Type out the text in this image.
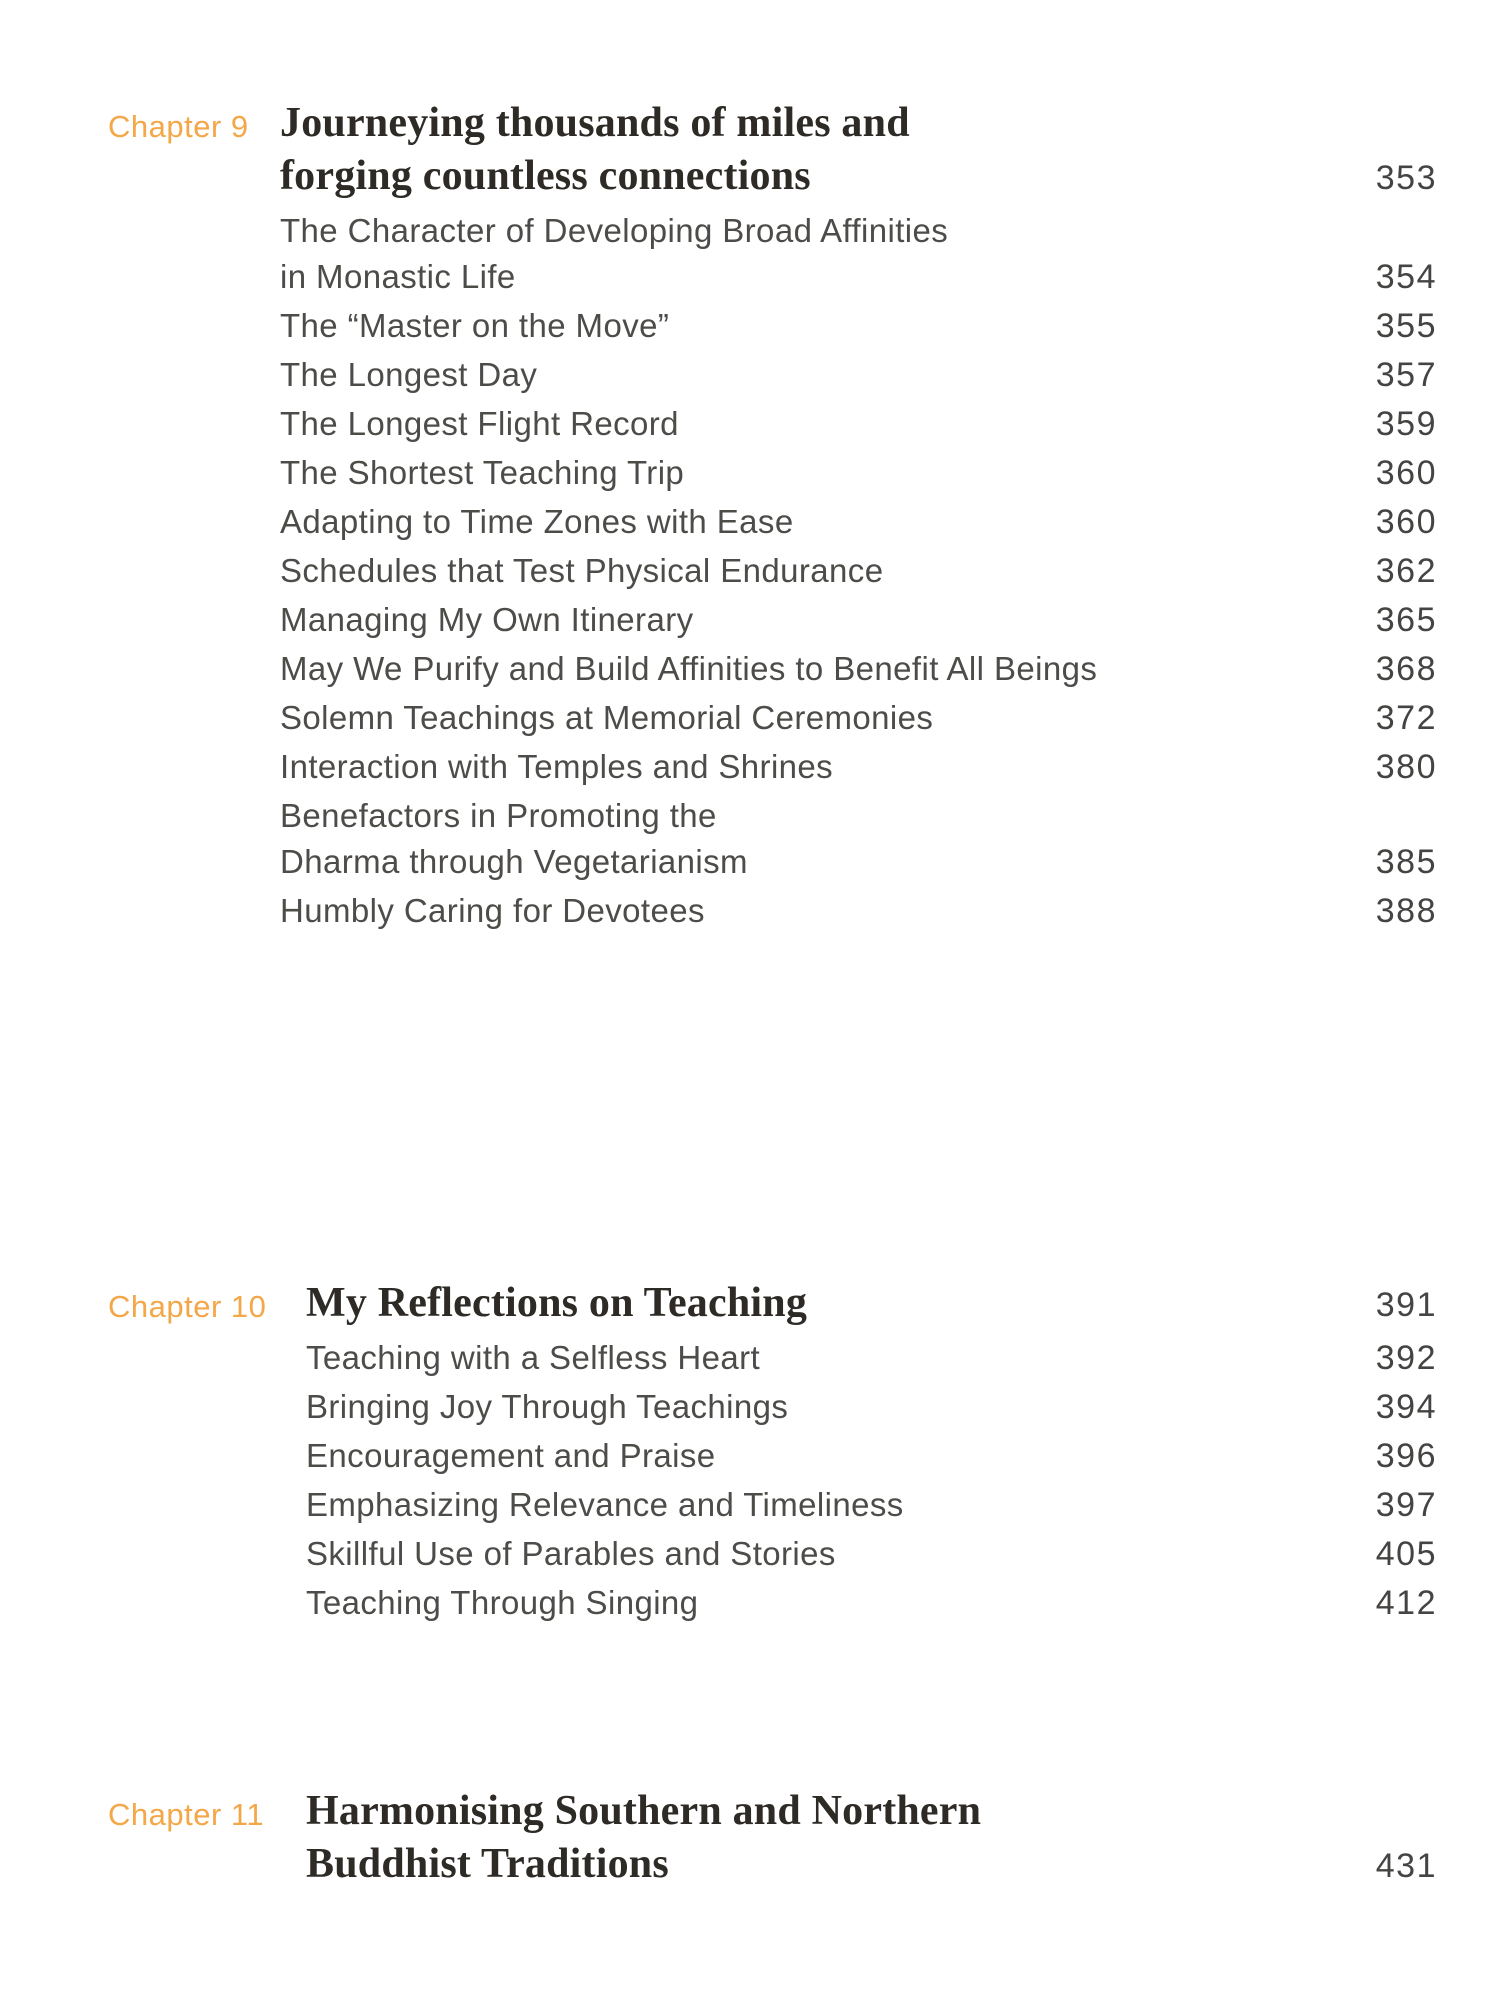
Chapter 9 Journeying thousands of miles and
forging countless connections	353
The Character of Developing Broad Affinities
in Monastic Life	354
The “Master on the Move”	355
The Longest Day	357
The Longest Flight Record	359
The Shortest Teaching Trip	360
Adapting to Time Zones with Ease	360
Schedules that Test Physical Endurance	362
Managing My Own Itinerary	365
May We Purify and Build Affinities to Benefit All Beings	368
Solemn Teachings at Memorial Ceremonies	372
Interaction with Temples and Shrines	380
Benefactors in Promoting the
Dharma through Vegetarianism	385
Humbly Caring for Devotees	388
Chapter 10 My Reflections on Teaching	391
Teaching with a Selfless Heart	392
Bringing Joy Through Teachings	394
Encouragement and Praise	396
Emphasizing Relevance and Timeliness	397
Skillful Use of Parables and Stories	405
Teaching Through Singing	412
Chapter 11 Harmonising Southern and Northern
Buddhist Traditions	431
